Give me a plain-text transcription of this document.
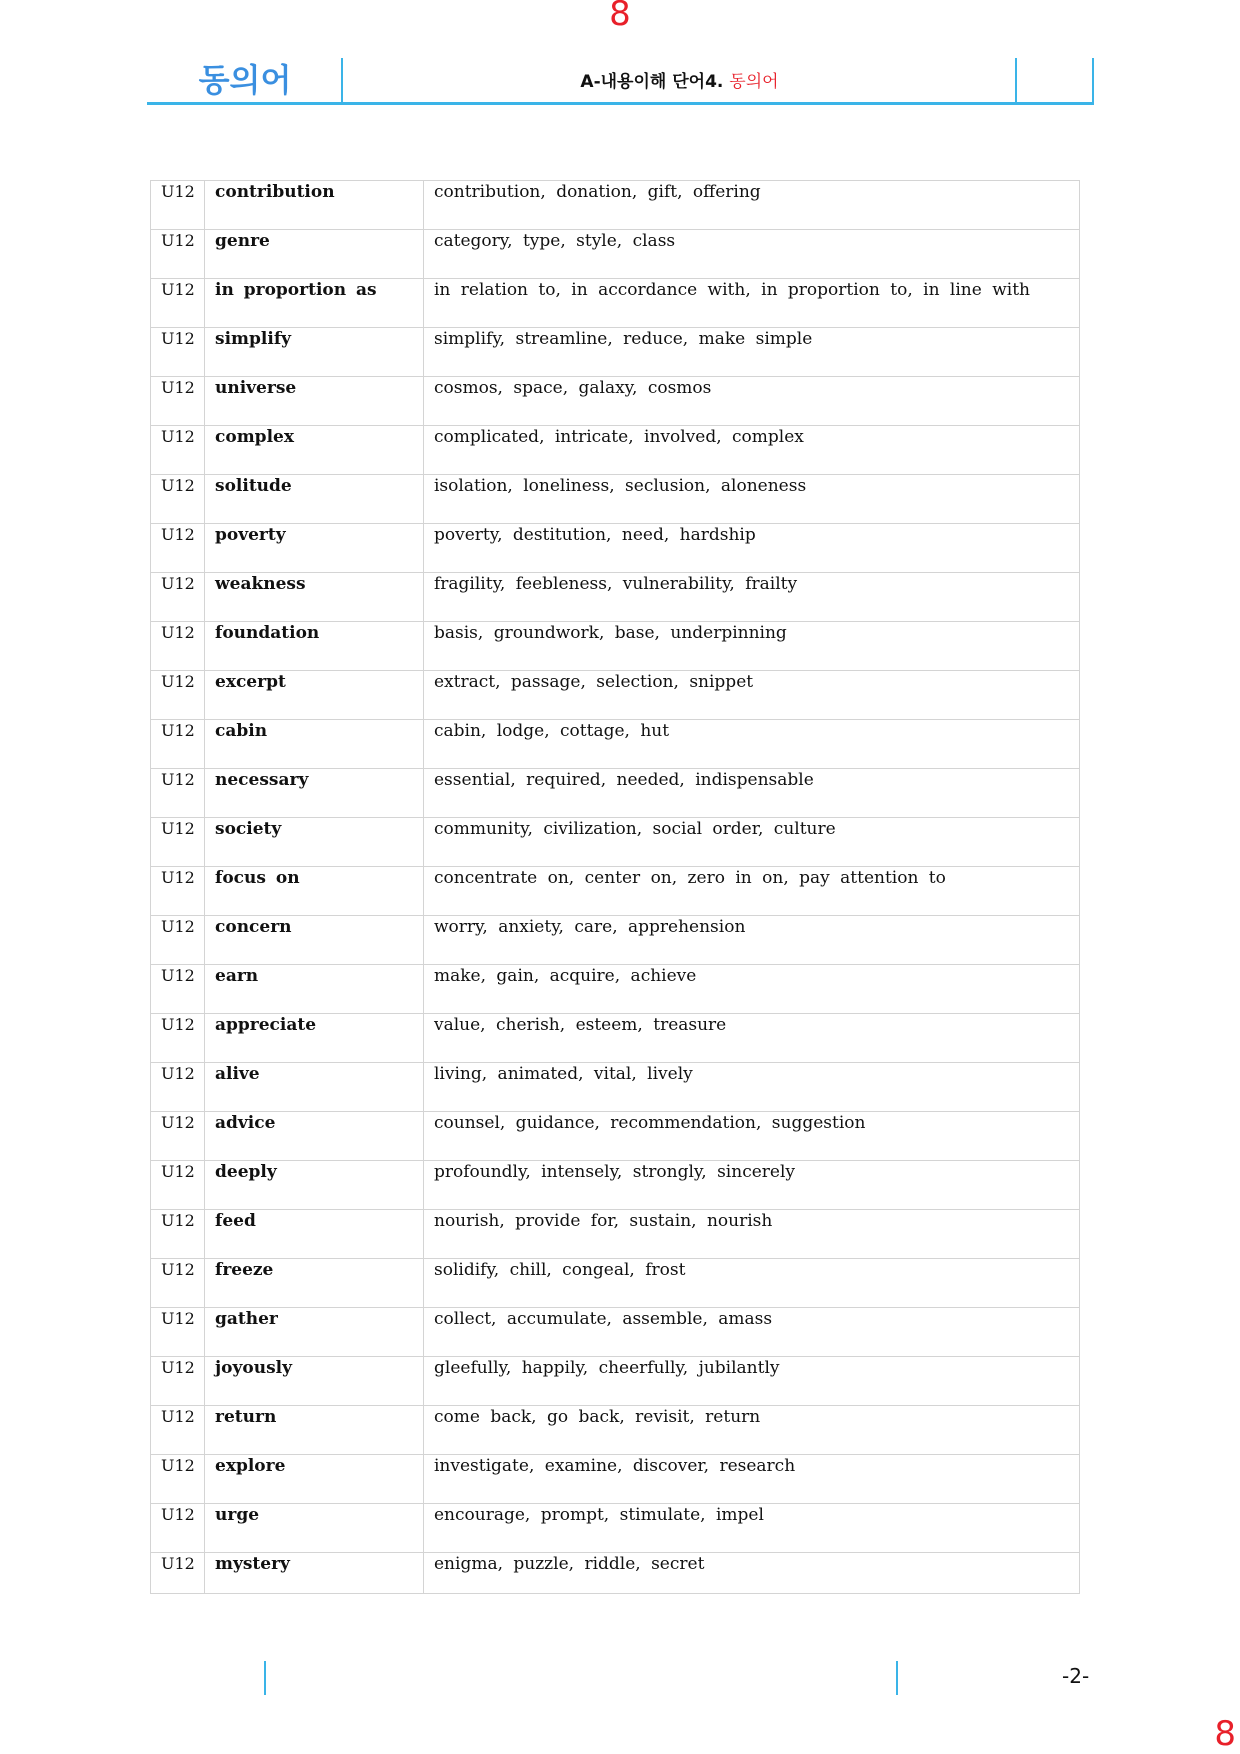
8
동의어	A-내용이해 단어4. 동의어
U12	contribution	contribution, donation, gift, offering
U12	genre	category, type, style, class
U12	in proportion as	in relation to, in accordance with, in proportion to, in line with
U12	simplify	simplify, streamline, reduce, make simple
U12	universe	cosmos, space, galaxy, cosmos
U12	complex	complicated, intricate, involved, complex
U12	solitude	isolation, loneliness, seclusion, aloneness
U12	poverty	poverty, destitution, need, hardship
U12	weakness	fragility, feebleness, vulnerability, frailty
U12	foundation	basis, groundwork, base, underpinning
U12	excerpt	extract, passage, selection, snippet
U12	cabin	cabin, lodge, cottage, hut
U12	necessary	essential, required, needed, indispensable
U12	society	community, civilization, social order, culture
U12	focus on	concentrate on, center on, zero in on, pay attention to
U12	concern	worry, anxiety, care, apprehension
U12	earn	make, gain, acquire, achieve
U12	appreciate	value, cherish, esteem, treasure
U12	alive	living, animated, vital, lively
U12	advice	counsel, guidance, recommendation, suggestion
U12	deeply	profoundly, intensely, strongly, sincerely
U12	feed	nourish, provide for, sustain, nourish
U12	freeze	solidify, chill, congeal, frost
U12	gather	collect, accumulate, assemble, amass
U12	joyously	gleefully, happily, cheerfully, jubilantly
U12	return	come back, go back, revisit, return
U12	explore	investigate, examine, discover, research
U12	urge	encourage, prompt, stimulate, impel
U12	mystery	enigma, puzzle, riddle, secret
-2-
8
